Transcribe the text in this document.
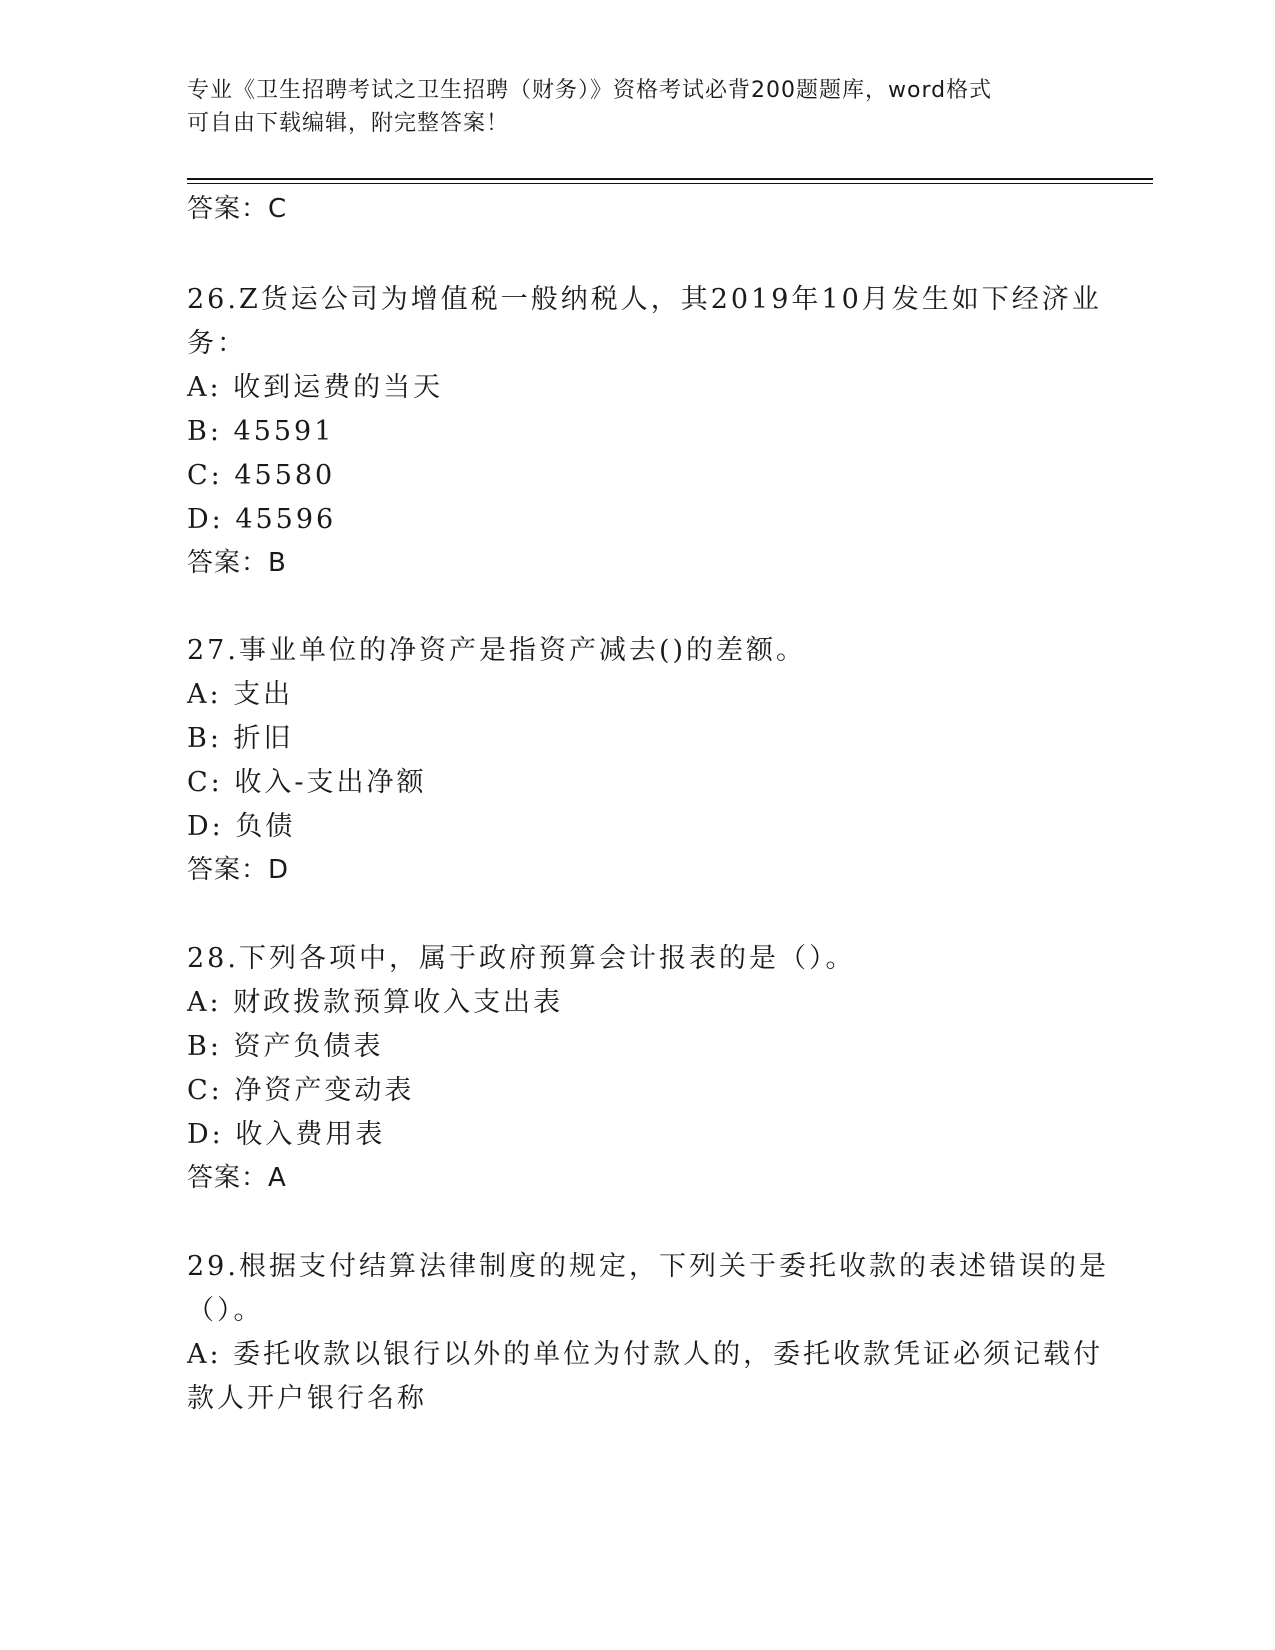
专业《卫生招聘考试之卫生招聘（财务）》资格考试必背200题题库，word格式
可自由下载编辑，附完整答案！
答案：C
26.Z货运公司为增值税一般纳税人，其2019年10月发生如下经济业
务：
A: 收到运费的当天
B: 45591
C: 45580
D: 45596
答案：B
27.事业单位的净资产是指资产减去()的差额。
A: 支出
B: 折旧
C: 收入-支出净额
D: 负债
答案：D
28.下列各项中，属于政府预算会计报表的是（）。
A: 财政拨款预算收入支出表
B: 资产负债表
C: 净资产变动表
D: 收入费用表
答案：A
29.根据支付结算法律制度的规定，下列关于委托收款的表述错误的是
（）。
A: 委托收款以银行以外的单位为付款人的，委托收款凭证必须记载付
款人开户银行名称
